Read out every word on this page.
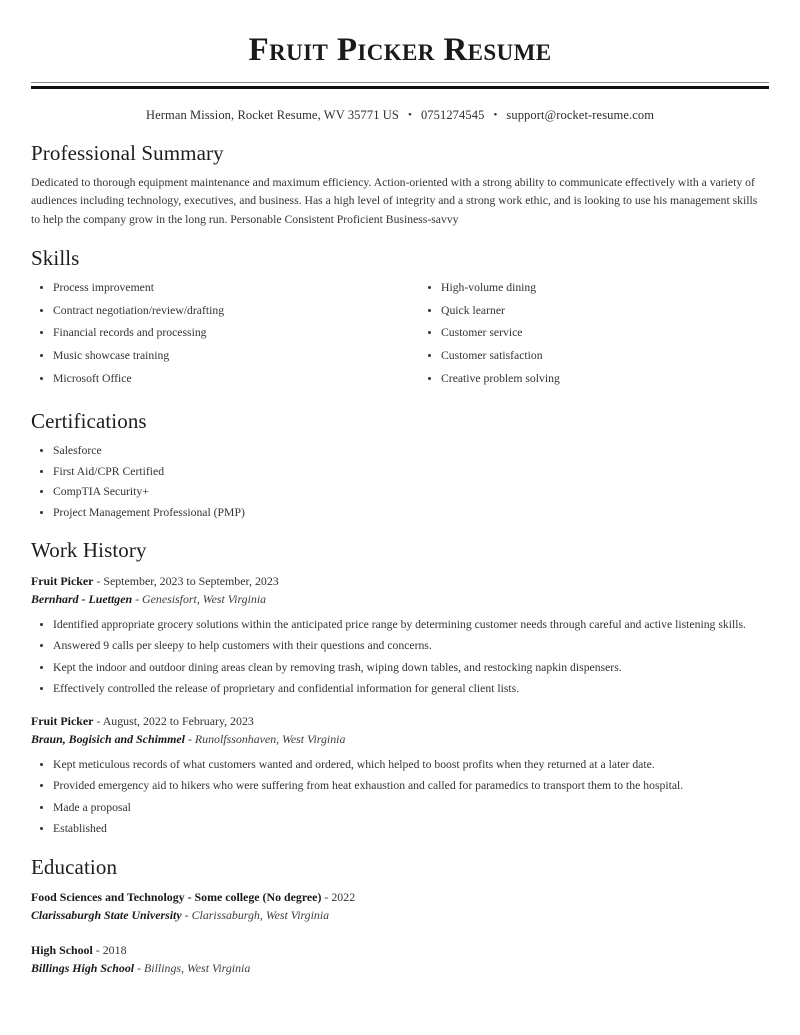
Fruit Picker Resume
Herman Mission, Rocket Resume, WV 35771 US • 0751274545 • support@rocket-resume.com
Professional Summary

Dedicated to thorough equipment maintenance and maximum efficiency. Action-oriented with a strong ability to communicate effectively with a variety of audiences including technology, executives, and business. Has a high level of integrity and a strong work ethic, and is looking to use his management skills to help the company grow in the long run. Personable Consistent Proficient Business-savvy

Skills
Process improvement
Contract negotiation/review/drafting
Financial records and processing
Music showcase training
Microsoft Office
High-volume dining
Quick learner
Customer service
Customer satisfaction
Creative problem solving
Certifications
Salesforce
First Aid/CPR Certified
CompTIA Security+
Project Management Professional (PMP)
Work History
Fruit Picker - September, 2023 to September, 2023
Bernhard - Luettgen - Genesisfort, West Virginia
Identified appropriate grocery solutions within the anticipated price range by determining customer needs through careful and active listening skills.
Answered 9 calls per sleepy to help customers with their questions and concerns.
Kept the indoor and outdoor dining areas clean by removing trash, wiping down tables, and restocking napkin dispensers.
Effectively controlled the release of proprietary and confidential information for general client lists.
Fruit Picker - August, 2022 to February, 2023
Braun, Bogisich and Schimmel - Runolfssonhaven, West Virginia
Kept meticulous records of what customers wanted and ordered, which helped to boost profits when they returned at a later date.
Provided emergency aid to hikers who were suffering from heat exhaustion and called for paramedics to transport them to the hospital.
Made a proposal
Established
Education
Food Sciences and Technology - Some college (No degree) - 2022
Clarissaburgh State University - Clarissaburgh, West Virginia
High School - 2018
Billings High School - Billings, West Virginia
